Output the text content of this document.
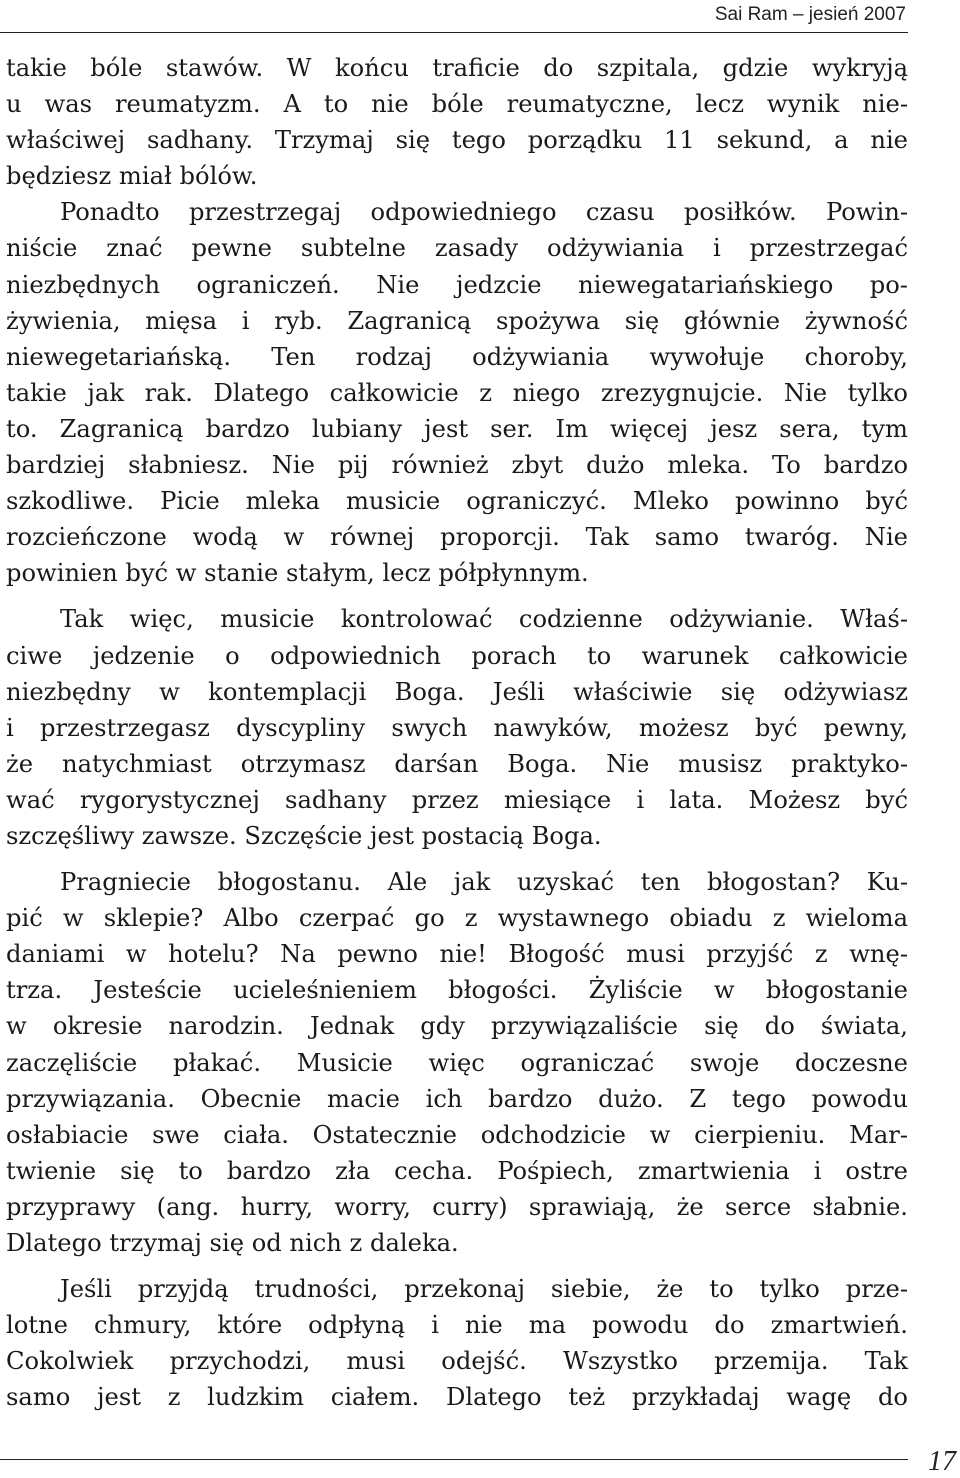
Sai Ram – jesień 2007

takie bóle stawów. W końcu traficie do szpitala, gdzie wykryją
u was reumatyzm. A to nie bóle reumatyczne, lecz wynik nie-
właściwej sadhany. Trzymaj się tego porządku 11 sekund, a nie
będziesz miał bólów.

Ponadto przestrzegaj odpowiedniego czasu posiłków. Powin-
niście znać pewne subtelne zasady odżywiania i przestrzegać
niezbędnych ograniczeń. Nie jedzcie niewegatariańskiego po-
żywienia, mięsa i ryb. Zagranicą spożywa się głównie żywność
niewegetariańską. Ten rodzaj odżywiania wywołuje choroby,
takie jak rak. Dlatego całkowicie z niego zrezygnujcie. Nie tylko
to. Zagranicą bardzo lubiany jest ser. Im więcej jesz sera, tym
bardziej słabniesz. Nie pij również zbyt dużo mleka. To bardzo
szkodliwe. Picie mleka musicie ograniczyć. Mleko powinno być
rozcieńczone wodą w równej proporcji. Tak samo twaróg. Nie
powinien być w stanie stałym, lecz półpłynnym.

Tak więc, musicie kontrolować codzienne odżywianie. Właś-
ciwe jedzenie o odpowiednich porach to warunek całkowicie
niezbędny w kontemplacji Boga. Jeśli właściwie się odżywiasz
i przestrzegasz dyscypliny swych nawyków, możesz być pewny,
że natychmiast otrzymasz darśan Boga. Nie musisz praktyko-
wać rygorystycznej sadhany przez miesiące i lata. Możesz być
szczęśliwy zawsze. Szczęście jest postacią Boga.

Pragniecie błogostanu. Ale jak uzyskać ten błogostan? Ku-
pić w sklepie? Albo czerpać go z wystawnego obiadu z wieloma
daniami w hotelu? Na pewno nie! Błogość musi przyjść z wnę-
trza. Jesteście ucieleśnieniem błogości. Żyliście w błogostanie
w okresie narodzin. Jednak gdy przywiązaliście się do świata,
zaczęliście płakać. Musicie więc ograniczać swoje doczesne
przywiązania. Obecnie macie ich bardzo dużo. Z tego powodu
osłabiacie swe ciała. Ostatecznie odchodzicie w cierpieniu. Mar-
twienie się to bardzo zła cecha. Pośpiech, zmartwienia i ostre
przyprawy (ang. hurry, worry, curry) sprawiają, że serce słabnie.
Dlatego trzymaj się od nich z daleka.

Jeśli przyjdą trudności, przekonaj siebie, że to tylko prze-
lotne chmury, które odpłyną i nie ma powodu do zmartwień.
Cokolwiek przychodzi, musi odejść. Wszystko przemija. Tak
samo jest z ludzkim ciałem. Dlatego też przykładaj wagę do

17
